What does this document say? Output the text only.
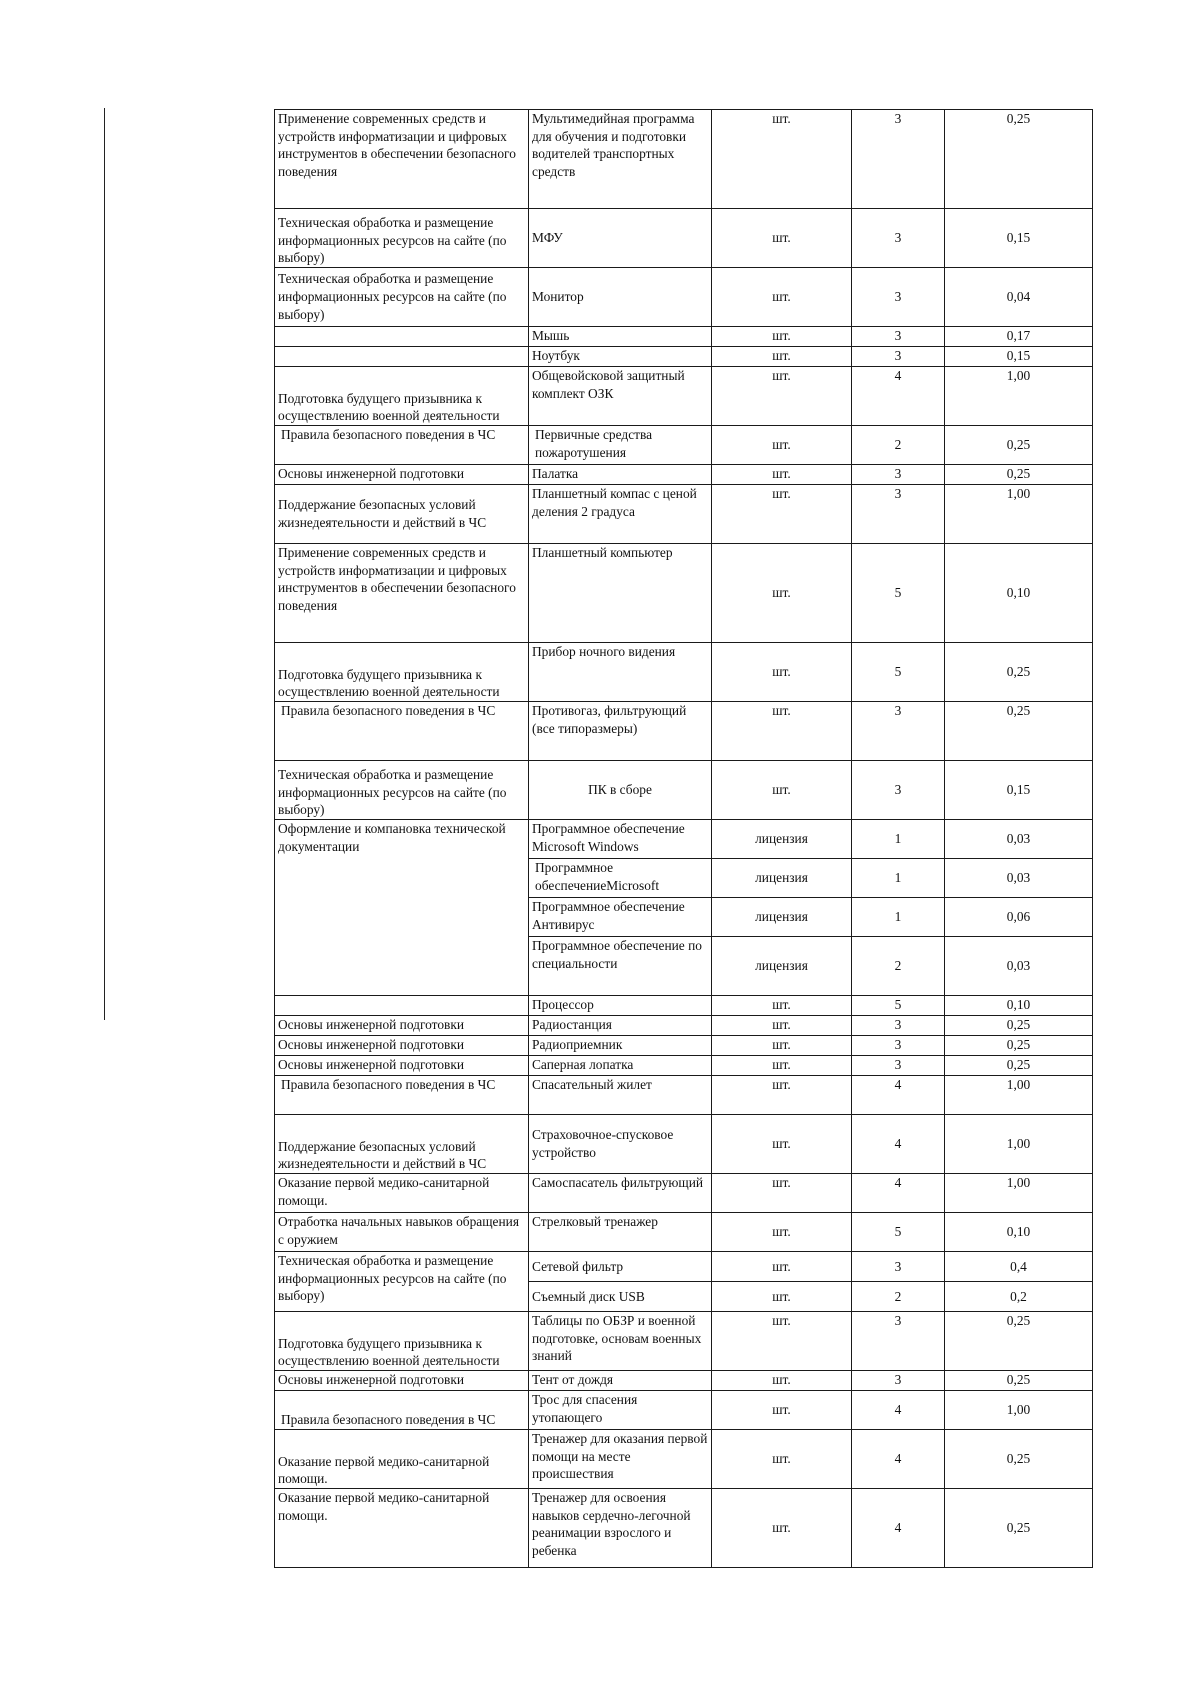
Применение современных средств и устройств информатизации и цифровых инструментов в обеспечении безопасного поведения	Мультимедийная программа для обучения и подготовки водителей транспортных средств	шт.	3	0,25
Техническая обработка и размещение информационных ресурсов на сайте (по выбору)	МФУ	шт.	3	0,15
Техническая обработка и размещение информационных ресурсов на сайте (по выбору)	Монитор	шт.	3	0,04
	Мышь	шт.	3	0,17
	Ноутбук	шт.	3	0,15
Подготовка будущего призывника к осуществлению военной деятельности	Общевойсковой защитный комплект ОЗК	шт.	4	1,00
Правила безопасного поведения в ЧС	Первичные средства пожаротушения	шт.	2	0,25
Основы инженерной подготовки	Палатка	шт.	3	0,25
Поддержание безопасных условий жизнедеятельности и действий в ЧС	Планшетный компас с ценой деления 2 градуса	шт.	3	1,00
Применение современных средств и устройств информатизации и цифровых инструментов в обеспечении безопасного поведения	Планшетный компьютер	шт.	5	0,10
Подготовка будущего призывника к осуществлению военной деятельности	Прибор ночного видения	шт.	5	0,25
Правила безопасного поведения в ЧС	Противогаз, фильтрующий (все типоразмеры)	шт.	3	0,25
Техническая обработка и размещение информационных ресурсов на сайте (по выбору)	ПК в сборе	шт.	3	0,15
Оформление и компановка технической документации	Программное обеспечение Microsoft Windows	лицензия	1	0,03
	Программное обеспечениеMicrosoft	лицензия	1	0,03
	Программное обеспечение Антивирус	лицензия	1	0,06
	Программное обеспечение по специальности	лицензия	2	0,03
	Процессор	шт.	5	0,10
Основы инженерной подготовки	Радиостанция	шт.	3	0,25
Основы инженерной подготовки	Радиоприемник	шт.	3	0,25
Основы инженерной подготовки	Саперная лопатка	шт.	3	0,25
Правила безопасного поведения в ЧС	Спасательный жилет	шт.	4	1,00
Поддержание безопасных условий жизнедеятельности и действий в ЧС	Страховочное-спусковое устройство	шт.	4	1,00
Оказание первой медико-санитарной помощи.	Самоспасатель фильтрующий	шт.	4	1,00
Отработка начальных навыков обращения с оружием	Стрелковый тренажер	шт.	5	0,10
Техническая обработка и размещение информационных ресурсов на сайте (по выбору)	Сетевой фильтр	шт.	3	0,4
	Съемный диск USB	шт.	2	0,2
Подготовка будущего призывника к осуществлению военной деятельности	Таблицы по ОБЗР и военной подготовке, основам военных знаний	шт.	3	0,25
Основы инженерной подготовки	Тент от дождя	шт.	3	0,25
Правила безопасного поведения в ЧС	Трос для спасения утопающего	шт.	4	1,00
Оказание первой медико-санитарной помощи.	Тренажер для оказания первой помощи на месте происшествия	шт.	4	0,25
Оказание первой медико-санитарной помощи.	Тренажер для освоения навыков сердечно-легочной реанимации взрослого и ребенка	шт.	4	0,25
